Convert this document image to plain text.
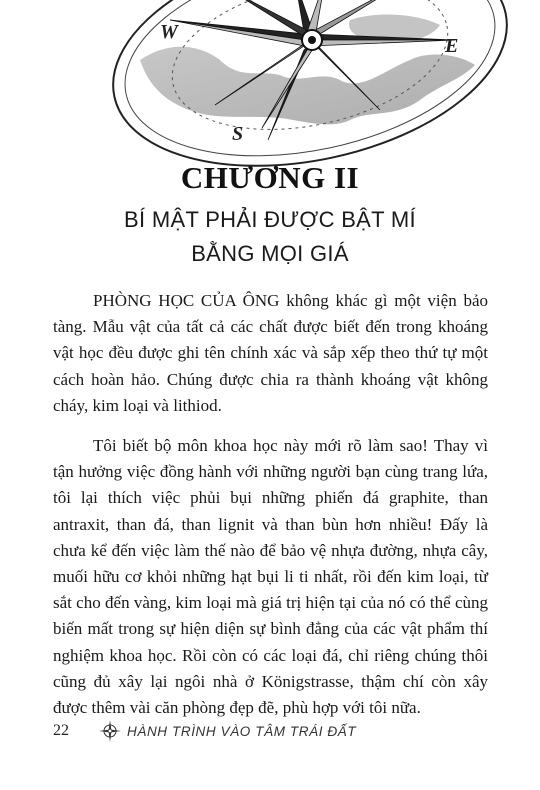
W
E
S
CHƯƠNG II
BÍ MẬT PHẢI ĐƯỢC BẬT MÍ
BẰNG MỌI GIÁ

PHÒNG HỌC CỦA ÔNG không khác gì một viện bảo tàng. Mẫu vật của tất cả các chất được biết đến trong khoáng vật học đều được ghi tên chính xác và sắp xếp theo thứ tự một cách hoàn hảo. Chúng được chia ra thành khoáng vật không cháy, kim loại và lithiod.

Tôi biết bộ môn khoa học này mới rõ làm sao! Thay vì tận hưởng việc đồng hành với những người bạn cùng trang lứa, tôi lại thích việc phủi bụi những phiến đá graphite, than antraxit, than đá, than lignit và than bùn hơn nhiều! Đấy là chưa kể đến việc làm thế nào để bảo vệ nhựa đường, nhựa cây, muối hữu cơ khỏi những hạt bụi li ti nhất, rồi đến kim loại, từ sắt cho đến vàng, kim loại mà giá trị hiện tại của nó có thể cùng biến mất trong sự hiện diện sự bình đẳng của các vật phẩm thí nghiệm khoa học. Rồi còn có các loại đá, chỉ riêng chúng thôi cũng đủ xây lại ngôi nhà ở Königstrasse, thậm chí còn xây được thêm vài căn phòng đẹp đẽ, phù hợp với tôi nữa.

22	HÀNH TRÌNH VÀO TÂM TRÁI ĐẤT
